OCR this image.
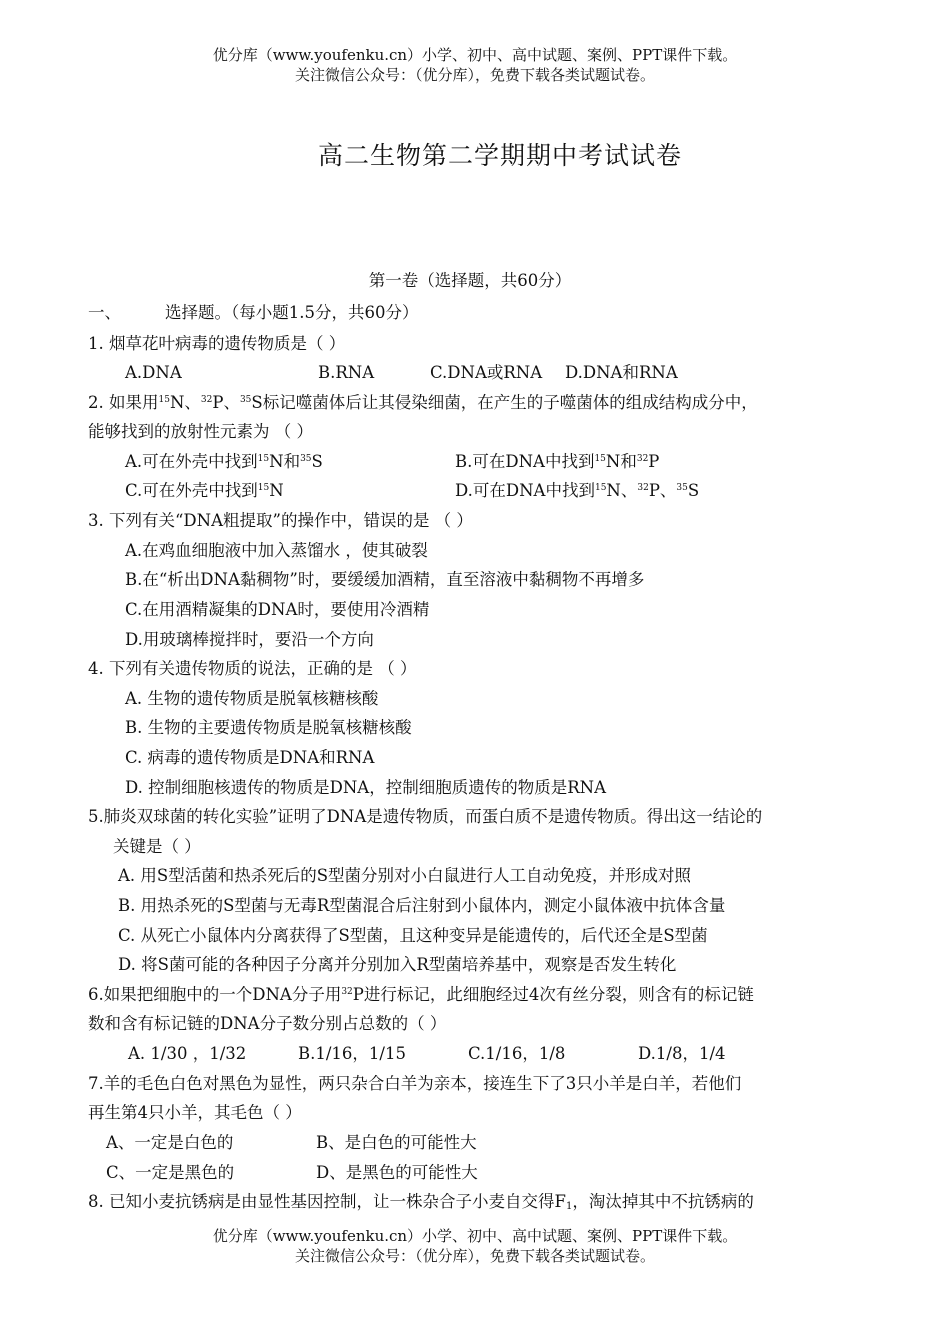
优分库（www.youfenku.cn）小学、初中、高中试题、案例、PPT课件下载。
关注微信公众号：（优分库），免费下载各类试题试卷。
高二生物第二学期期中考试试卷
第一卷（选择题，共60分）
一、	选择题。（每小题1.5分，共60分）
1. 烟草花叶病毒的遗传物质是（ ）
A.DNA	B.RNA	C.DNA或RNA D.DNA和RNA
2. 如果用$^{15}$N、$^{32}$P、$^{35}$S标记噬菌体后让其侵染细菌，在产生的子噬菌体的组成结构成分中，
能够找到的放射性元素为 （ ）
A.可在外壳中找到$^{15}$N和$^{35}$S	B.可在DNA中找到$^{15}$N和$^{32}$P
C.可在外壳中找到$^{15}$N	D.可在DNA中找到$^{15}$N、$^{32}$P、$^{35}$S
3. 下列有关“DNA粗提取”的操作中，错误的是 （ ）
A.在鸡血细胞液中加入蒸馏水 ，使其破裂
B.在“析出DNA黏稠物”时，要缓缓加酒精，直至溶液中黏稠物不再增多
C.在用酒精凝集的DNA时，要使用冷酒精
D.用玻璃棒搅拌时，要沿一个方向
4. 下列有关遗传物质的说法，正确的是 （ ）
A. 生物的遗传物质是脱氧核糖核酸
B. 生物的主要遗传物质是脱氧核糖核酸
C. 病毒的遗传物质是DNA和RNA
D. 控制细胞核遗传的物质是DNA，控制细胞质遗传的物质是RNA
5.肺炎双球菌的转化实验”证明了DNA是遗传物质，而蛋白质不是遗传物质。得出这一结论的
关键是（ ）
A. 用S型活菌和热杀死后的S型菌分别对小白鼠进行人工自动免疫，并形成对照
B. 用热杀死的S型菌与无毒R型菌混合后注射到小鼠体内，测定小鼠体液中抗体含量
C. 从死亡小鼠体内分离获得了S型菌，且这种变异是能遗传的，后代还全是S型菌
D. 将S菌可能的各种因子分离并分别加入R型菌培养基中，观察是否发生转化
6.如果把细胞中的一个DNA分子用$^{32}$P进行标记，此细胞经过4次有丝分裂，则含有的标记链
数和含有标记链的DNA分子数分别占总数的（ ）
A. 1/30 ，1/32	B.1/16，1/15	C.1/16，1/8	D.1/8，1/4
7.羊的毛色白色对黑色为显性，两只杂合白羊为亲本，接连生下了3只小羊是白羊，若他们
再生第4只小羊，其毛色（ ）
A、一定是白色的	B、是白色的可能性大
C、一定是黑色的	D、是黑色的可能性大
8. 已知小麦抗锈病是由显性基因控制，让一株杂合子小麦自交得$F_1$，淘汰掉其中不抗锈病的
优分库（www.youfenku.cn）小学、初中、高中试题、案例、PPT课件下载。
关注微信公众号：（优分库），免费下载各类试题试卷。
